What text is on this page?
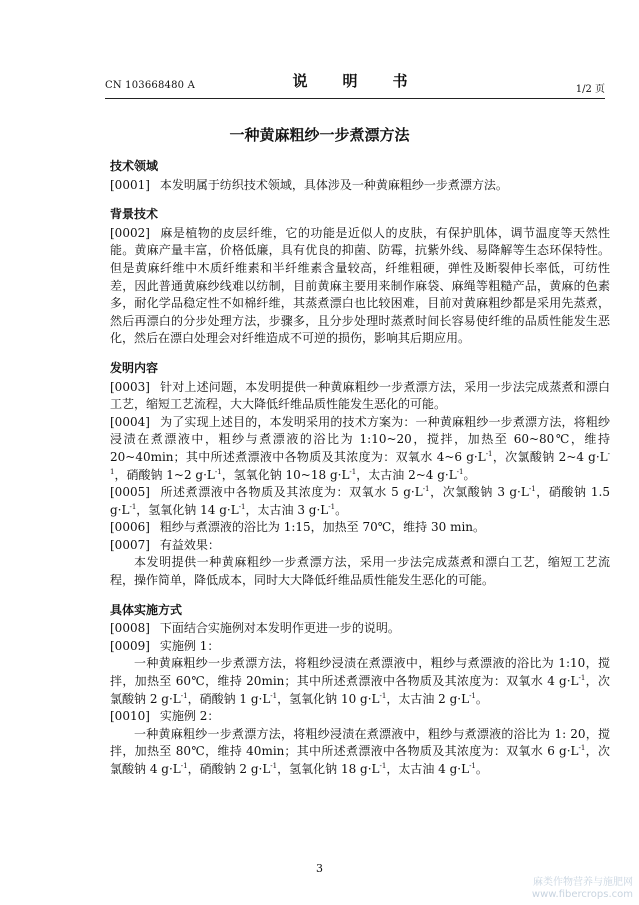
CN 103668480 A	说　明　书	1/2 页
一种黄麻粗纱一步煮漂方法
技术领域

[0001] 本发明属于纺织技术领域，具体涉及一种黄麻粗纱一步煮漂方法。

背景技术

[0002] 麻是植物的皮层纤维，它的功能是近似人的皮肤，有保护肌体，调节温度等天然性能。黄麻产量丰富，价格低廉，具有优良的抑菌、防霉，抗紫外线、易降解等生态环保特性。但是黄麻纤维中木质纤维素和半纤维素含量较高，纤维粗硬，弹性及断裂伸长率低，可纺性差，因此普通黄麻纱线难以纺制，目前黄麻主要用来制作麻袋、麻绳等粗糙产品，黄麻的色素多，耐化学品稳定性不如棉纤维，其蒸煮漂白也比较困难，目前对黄麻粗纱都是采用先蒸煮，然后再漂白的分步处理方法，步骤多，且分步处理时蒸煮时间长容易使纤维的品质性能发生恶化，然后在漂白处理会对纤维造成不可逆的损伤，影响其后期应用。

发明内容

[0003] 针对上述问题，本发明提供一种黄麻粗纱一步煮漂方法，采用一步法完成蒸煮和漂白工艺，缩短工艺流程，大大降低纤维品质性能发生恶化的可能。

[0004] 为了实现上述目的，本发明采用的技术方案为：一种黄麻粗纱一步煮漂方法，将粗纱浸渍在煮漂液中，粗纱与煮漂液的浴比为 1:10~20，搅拌，加热至 60~80℃，维持 20~40min；其中所述煮漂液中各物质及其浓度为：双氧水 4~6 $g\cdot L^{-1}$，次氯酸钠 2~4 $g\cdot L^{-1}$，硝酸钠 1~2 $g\cdot L^{-1}$，氢氧化钠 10~18 $g\cdot L^{-1}$，太古油 2~4 $g\cdot L^{-1}$。

[0005] 所述煮漂液中各物质及其浓度为：双氧水 5 $g\cdot L^{-1}$，次氯酸钠 3 $g\cdot L^{-1}$，硝酸钠 1.5 $g\cdot L^{-1}$，氢氧化钠 14 $g\cdot L^{-1}$，太古油 3 $g\cdot L^{-1}$。

[0006] 粗纱与煮漂液的浴比为 1:15，加热至 70℃，维持 30 min。

[0007] 有益效果：

本发明提供一种黄麻粗纱一步煮漂方法，采用一步法完成蒸煮和漂白工艺，缩短工艺流程，操作简单，降低成本，同时大大降低纤维品质性能发生恶化的可能。

具体实施方式

[0008] 下面结合实施例对本发明作更进一步的说明。

[0009] 实施例 1：

一种黄麻粗纱一步煮漂方法，将粗纱浸渍在煮漂液中，粗纱与煮漂液的浴比为 1:10，搅拌，加热至 60℃，维持 20min；其中所述煮漂液中各物质及其浓度为：双氧水 4 $g\cdot L^{-1}$，次氯酸钠 2 $g\cdot L^{-1}$，硝酸钠 1 $g\cdot L^{-1}$，氢氧化钠 10 $g\cdot L^{-1}$，太古油 2 $g\cdot L^{-1}$。

[0010] 实施例 2：

一种黄麻粗纱一步煮漂方法，将粗纱浸渍在煮漂液中，粗纱与煮漂液的浴比为 1: 20，搅拌，加热至 80℃，维持 40min；其中所述煮漂液中各物质及其浓度为：双氧水 6 $g\cdot L^{-1}$，次氯酸钠 4 $g\cdot L^{-1}$，硝酸钠 2 $g\cdot L^{-1}$，氢氧化钠 18 $g\cdot L^{-1}$，太古油 4 $g\cdot L^{-1}$。

3
麻类作物营养与施肥网
www.fibercrops.com
